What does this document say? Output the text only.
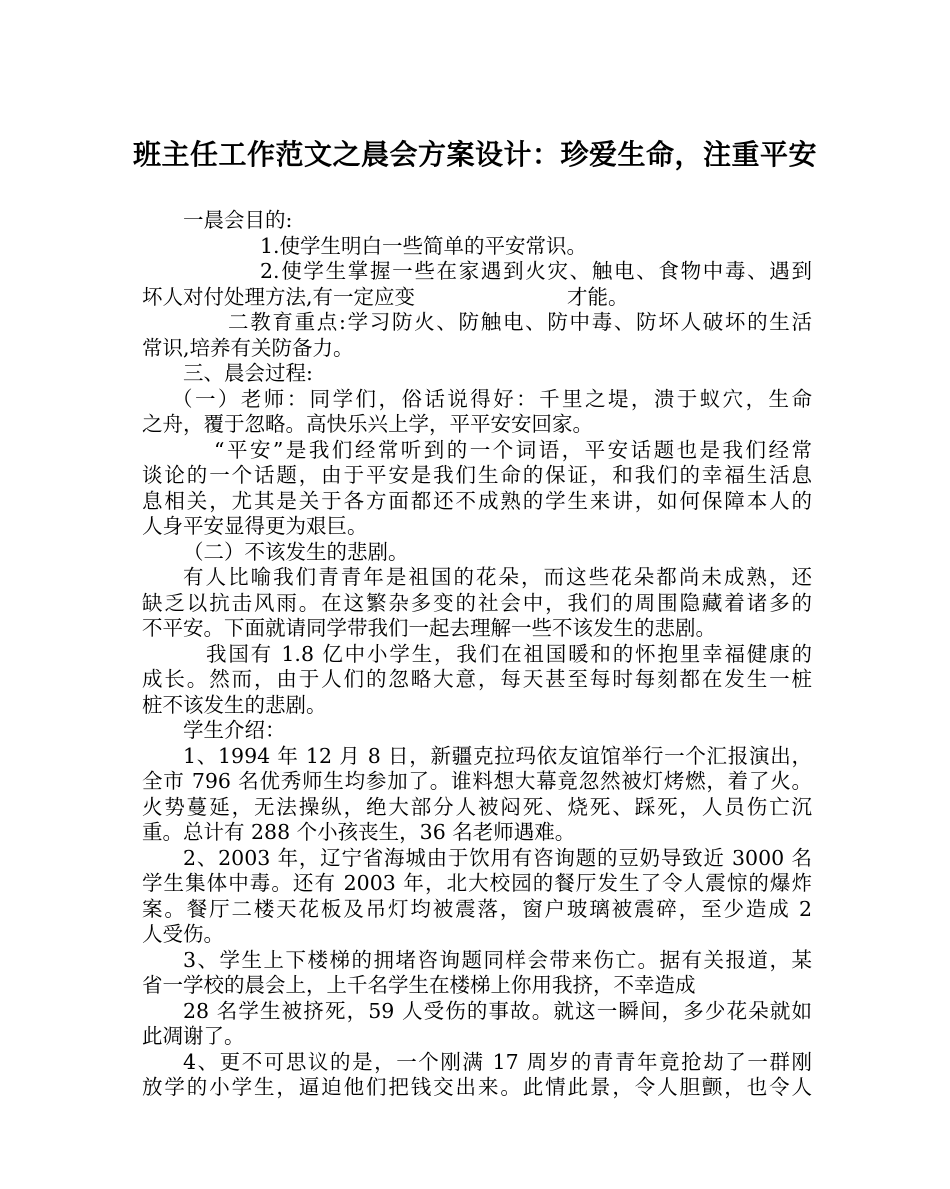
班主任工作范文之晨会方案设计：珍爱生命，注重平安
一晨会目的:
1.使学生明白一些简单的平安常识。
2.使学生掌握一些在家遇到火灾、触电、食物中毒、遇到
坏人对付处理方法,有一定应变	才能。
二教育重点:学习防火、防触电、防中毒、防坏人破坏的生活
常识,培养有关防备力。
三、晨会过程:
（一）老师：同学们，俗话说得好：千里之堤，溃于蚁穴，生命
之舟，覆于忽略。高快乐兴上学，平平安安回家。
“平安”是我们经常听到的一个词语，平安话题也是我们经常
谈论的一个话题，由于平安是我们生命的保证，和我们的幸福生活息
息相关，尤其是关于各方面都还不成熟的学生来讲，如何保障本人的
人身平安显得更为艰巨。
（二）不该发生的悲剧。
有人比喻我们青青年是祖国的花朵，而这些花朵都尚未成熟，还
缺乏以抗击风雨。在这繁杂多变的社会中，我们的周围隐藏着诸多的
不平安。下面就请同学带我们一起去理解一些不该发生的悲剧。
我国有 1.8 亿中小学生，我们在祖国暖和的怀抱里幸福健康的
成长。然而，由于人们的忽略大意，每天甚至每时每刻都在发生一桩
桩不该发生的悲剧。
学生介绍：
1、1994 年 12 月 8 日，新疆克拉玛依友谊馆举行一个汇报演出，
全市 796 名优秀师生均参加了。谁料想大幕竟忽然被灯烤燃，着了火。
火势蔓延，无法操纵，绝大部分人被闷死、烧死、踩死，人员伤亡沉
重。总计有 288 个小孩丧生，36 名老师遇难。
2、2003 年，辽宁省海城由于饮用有咨询题的豆奶导致近 3000 名
学生集体中毒。还有 2003 年，北大校园的餐厅发生了令人震惊的爆炸
案。餐厅二楼天花板及吊灯均被震落，窗户玻璃被震碎，至少造成 2
人受伤。
3、学生上下楼梯的拥堵咨询题同样会带来伤亡。据有关报道，某
省一学校的晨会上，上千名学生在楼梯上你用我挤，不幸造成
28 名学生被挤死，59 人受伤的事故。就这一瞬间，多少花朵就如
此凋谢了。
4、更不可思议的是，一个刚满 17 周岁的青青年竟抢劫了一群刚
放学的小学生，逼迫他们把钱交出来。此情此景，令人胆颤，也令人
